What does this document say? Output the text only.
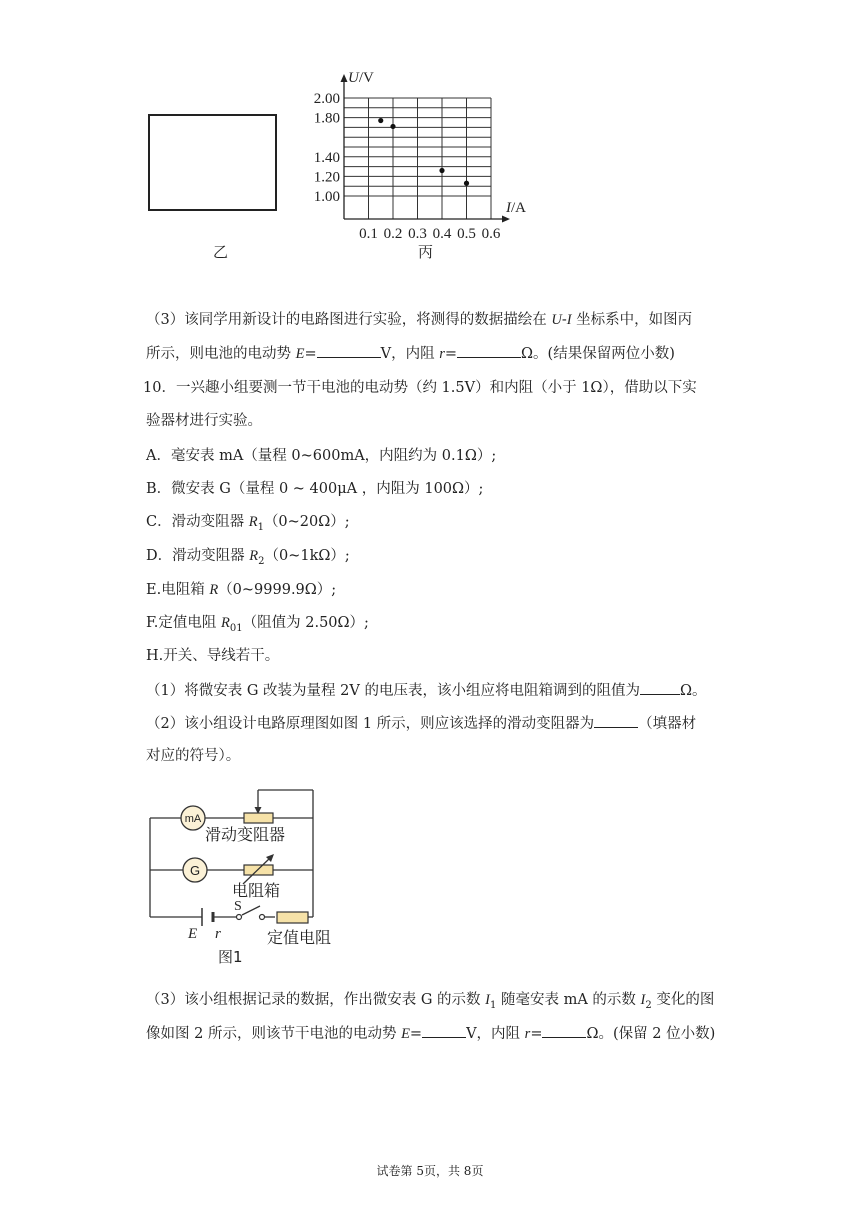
乙
2.00
1.80
1.40
1.20
1.00
0.1 0.2 0.3 0.4 0.5 0.6
U/V
I/A
丙
（3）该同学用新设计的电路图进行实验，将测得的数据描绘在 U-I 坐标系中，如图丙
所示，则电池的电动势 E=	V，内阻 r=	Ω。(结果保留两位小数)
10．一兴趣小组要测一节干电池的电动势（约 1.5V）和内阻（小于 1Ω），借助以下实
验器材进行实验。
A．毫安表 mA（量程 0~600mA，内阻约为 0.1Ω）;
B．微安表 G（量程 0 ~ 400μA ，内阻为 100Ω）;
C．滑动变阻器 $R_1(0\sim 20\Omega)$;
D．滑动变阻器 $R_2(0\sim 1k\Omega)$;
E.电阻箱 R（0~9999.9Ω）;
F.定值电阻 $R_{01}$（阻值为 2.50Ω）;
H.开关、导线若干。
（1）将微安表 G 改装为量程 2V 的电压表，该小组应将电阻箱调到的阻值为	Ω。
（2）该小组设计电路原理图如图 1 所示，则应该选择的滑动变阻器为	（填器材
对应的符号）。
mA
滑动变阻器
G
电阻箱
E r
S
定值电阻
图1
（3）该小组根据记录的数据，作出微安表 G 的示数 $I_1$ 随毫安表 mA 的示数 $I_2$ 变化的图
像如图 2 所示，则该节干电池的电动势 E=	V，内阻 r=	Ω。(保留 2 位小数)
试卷第 5页，共 8页
